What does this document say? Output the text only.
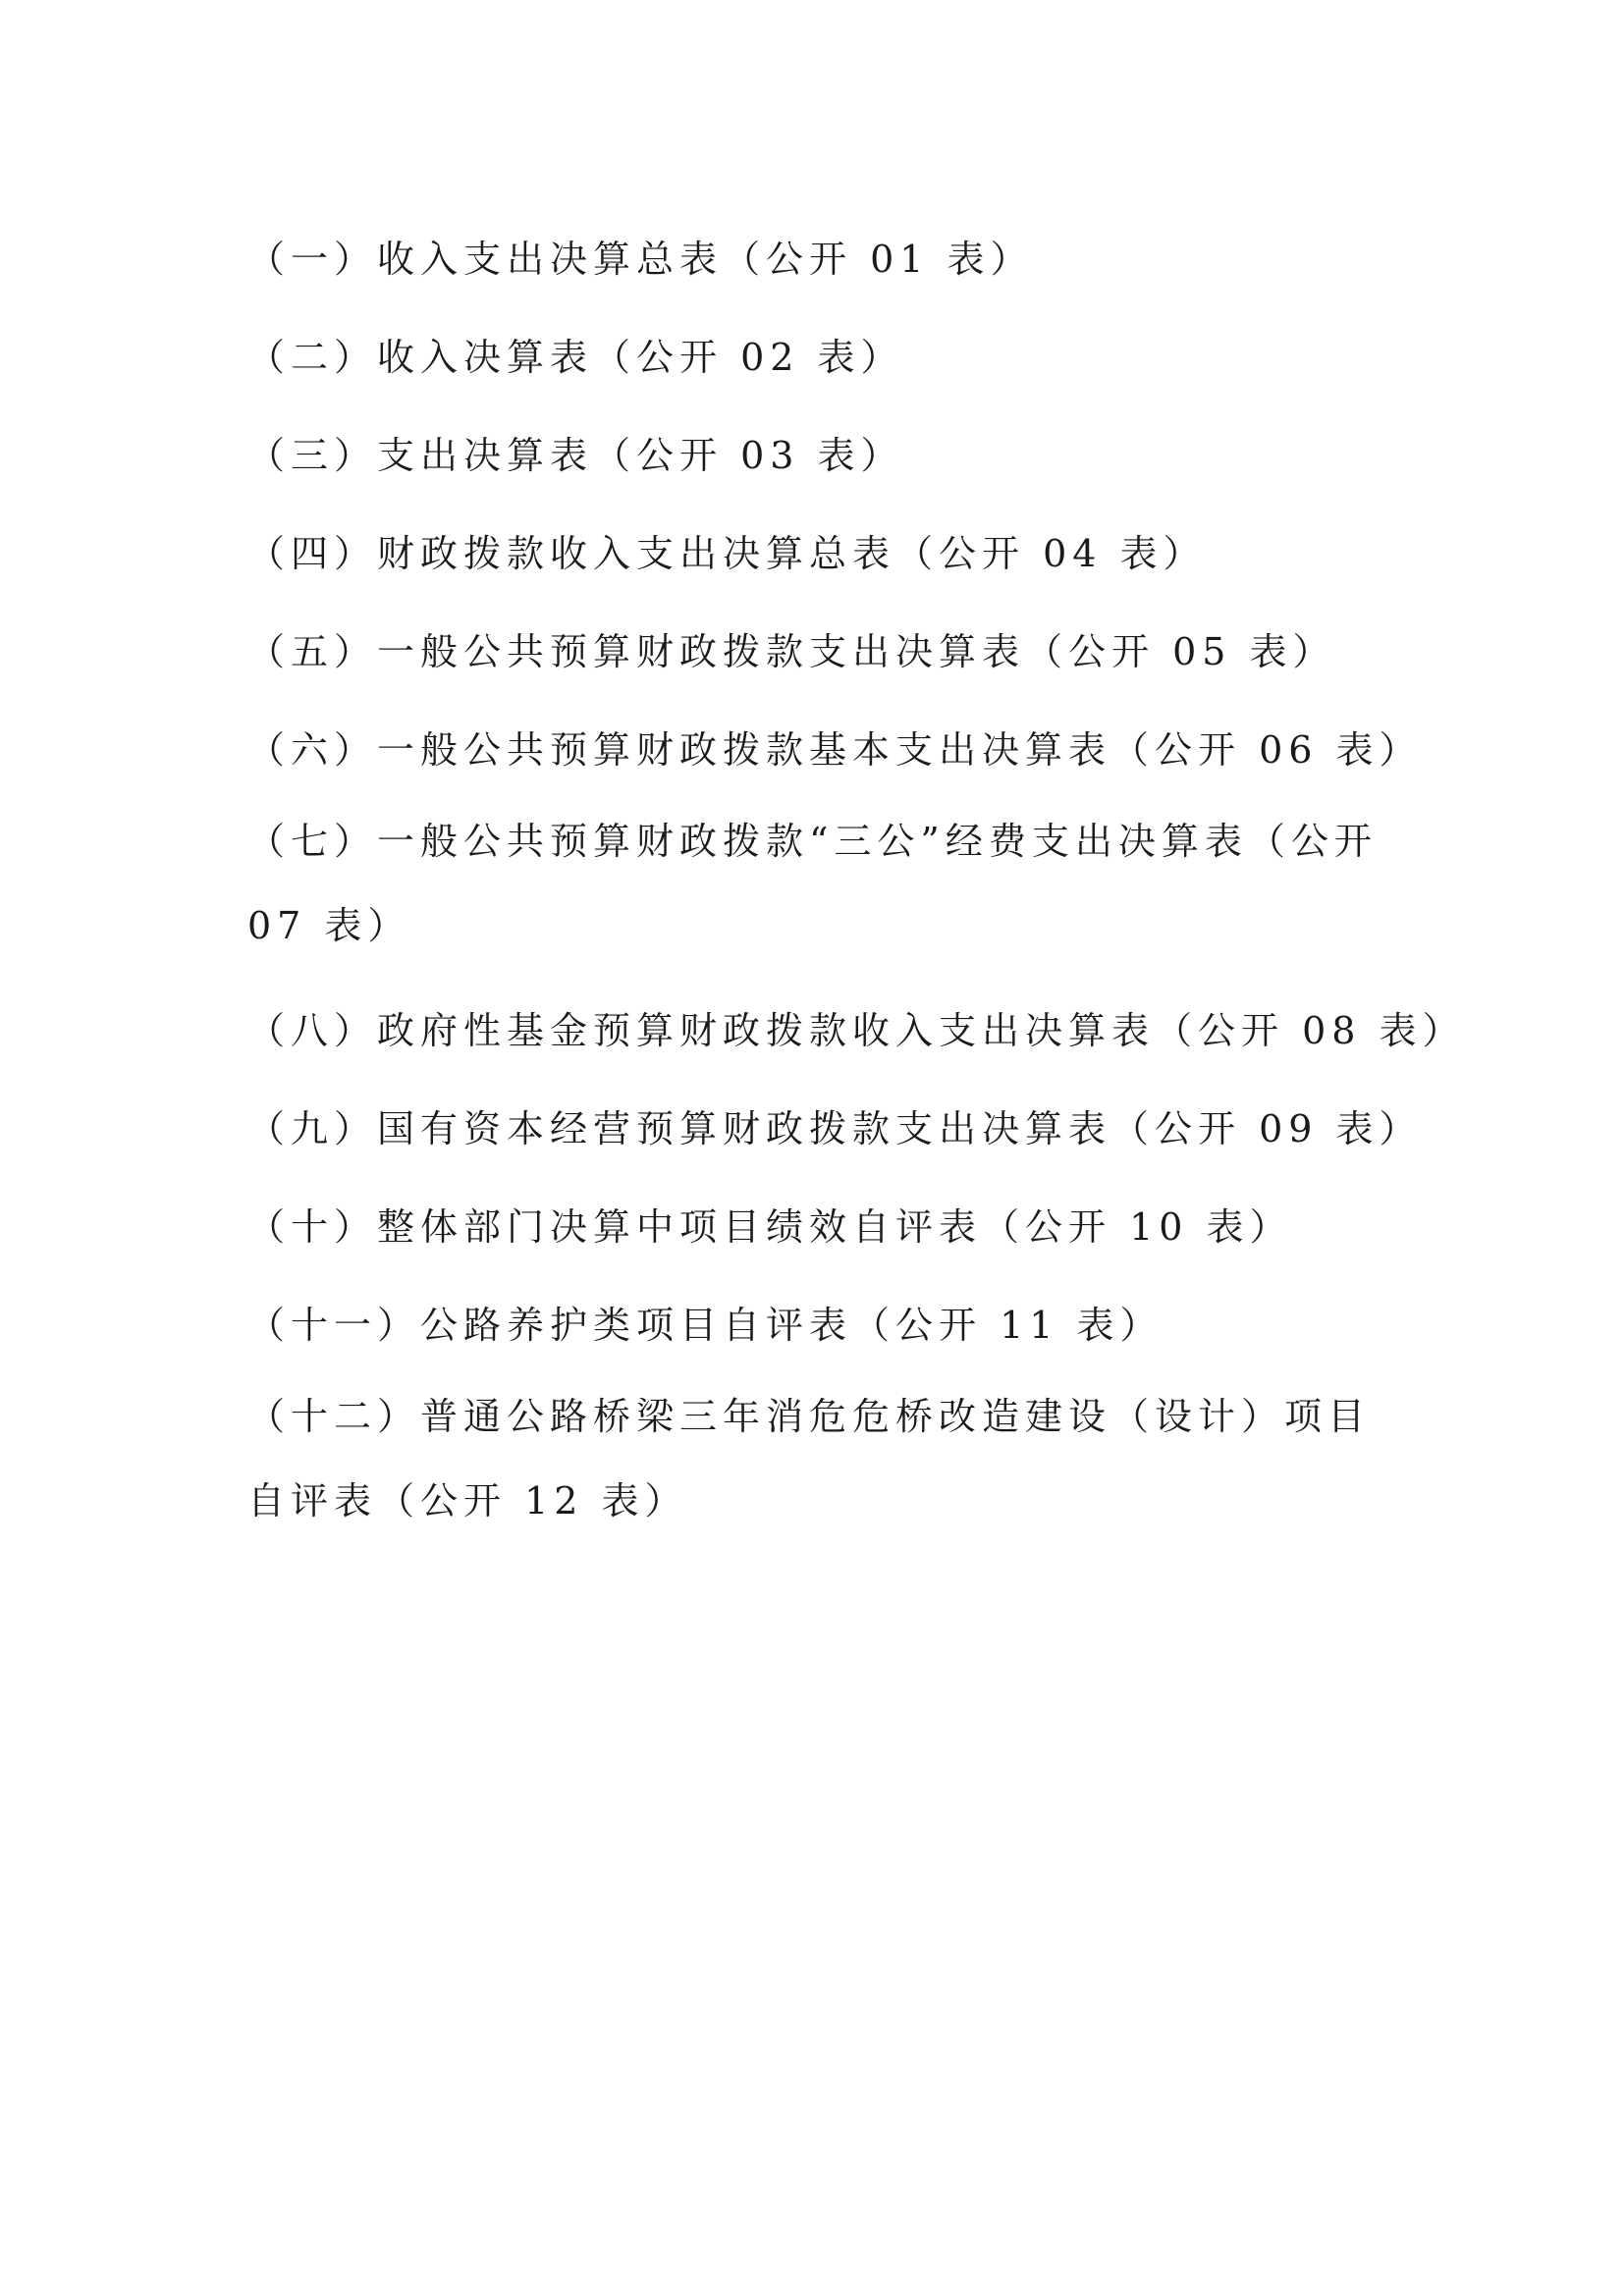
（一）收入支出决算总表（公开 01 表）
（二）收入决算表（公开 02 表）
（三）支出决算表（公开 03 表）
（四）财政拨款收入支出决算总表（公开 04 表）
（五）一般公共预算财政拨款支出决算表（公开 05 表）
（六）一般公共预算财政拨款基本支出决算表（公开 06 表）
（七）一般公共预算财政拨款“三公”经费支出决算表（公开
07 表）
（八）政府性基金预算财政拨款收入支出决算表（公开 08 表）
（九）国有资本经营预算财政拨款支出决算表（公开 09 表）
（十）整体部门决算中项目绩效自评表（公开 10 表）
（十一）公路养护类项目自评表（公开 11 表）
（十二）普通公路桥梁三年消危危桥改造建设（设计）项目
自评表（公开 12 表）
